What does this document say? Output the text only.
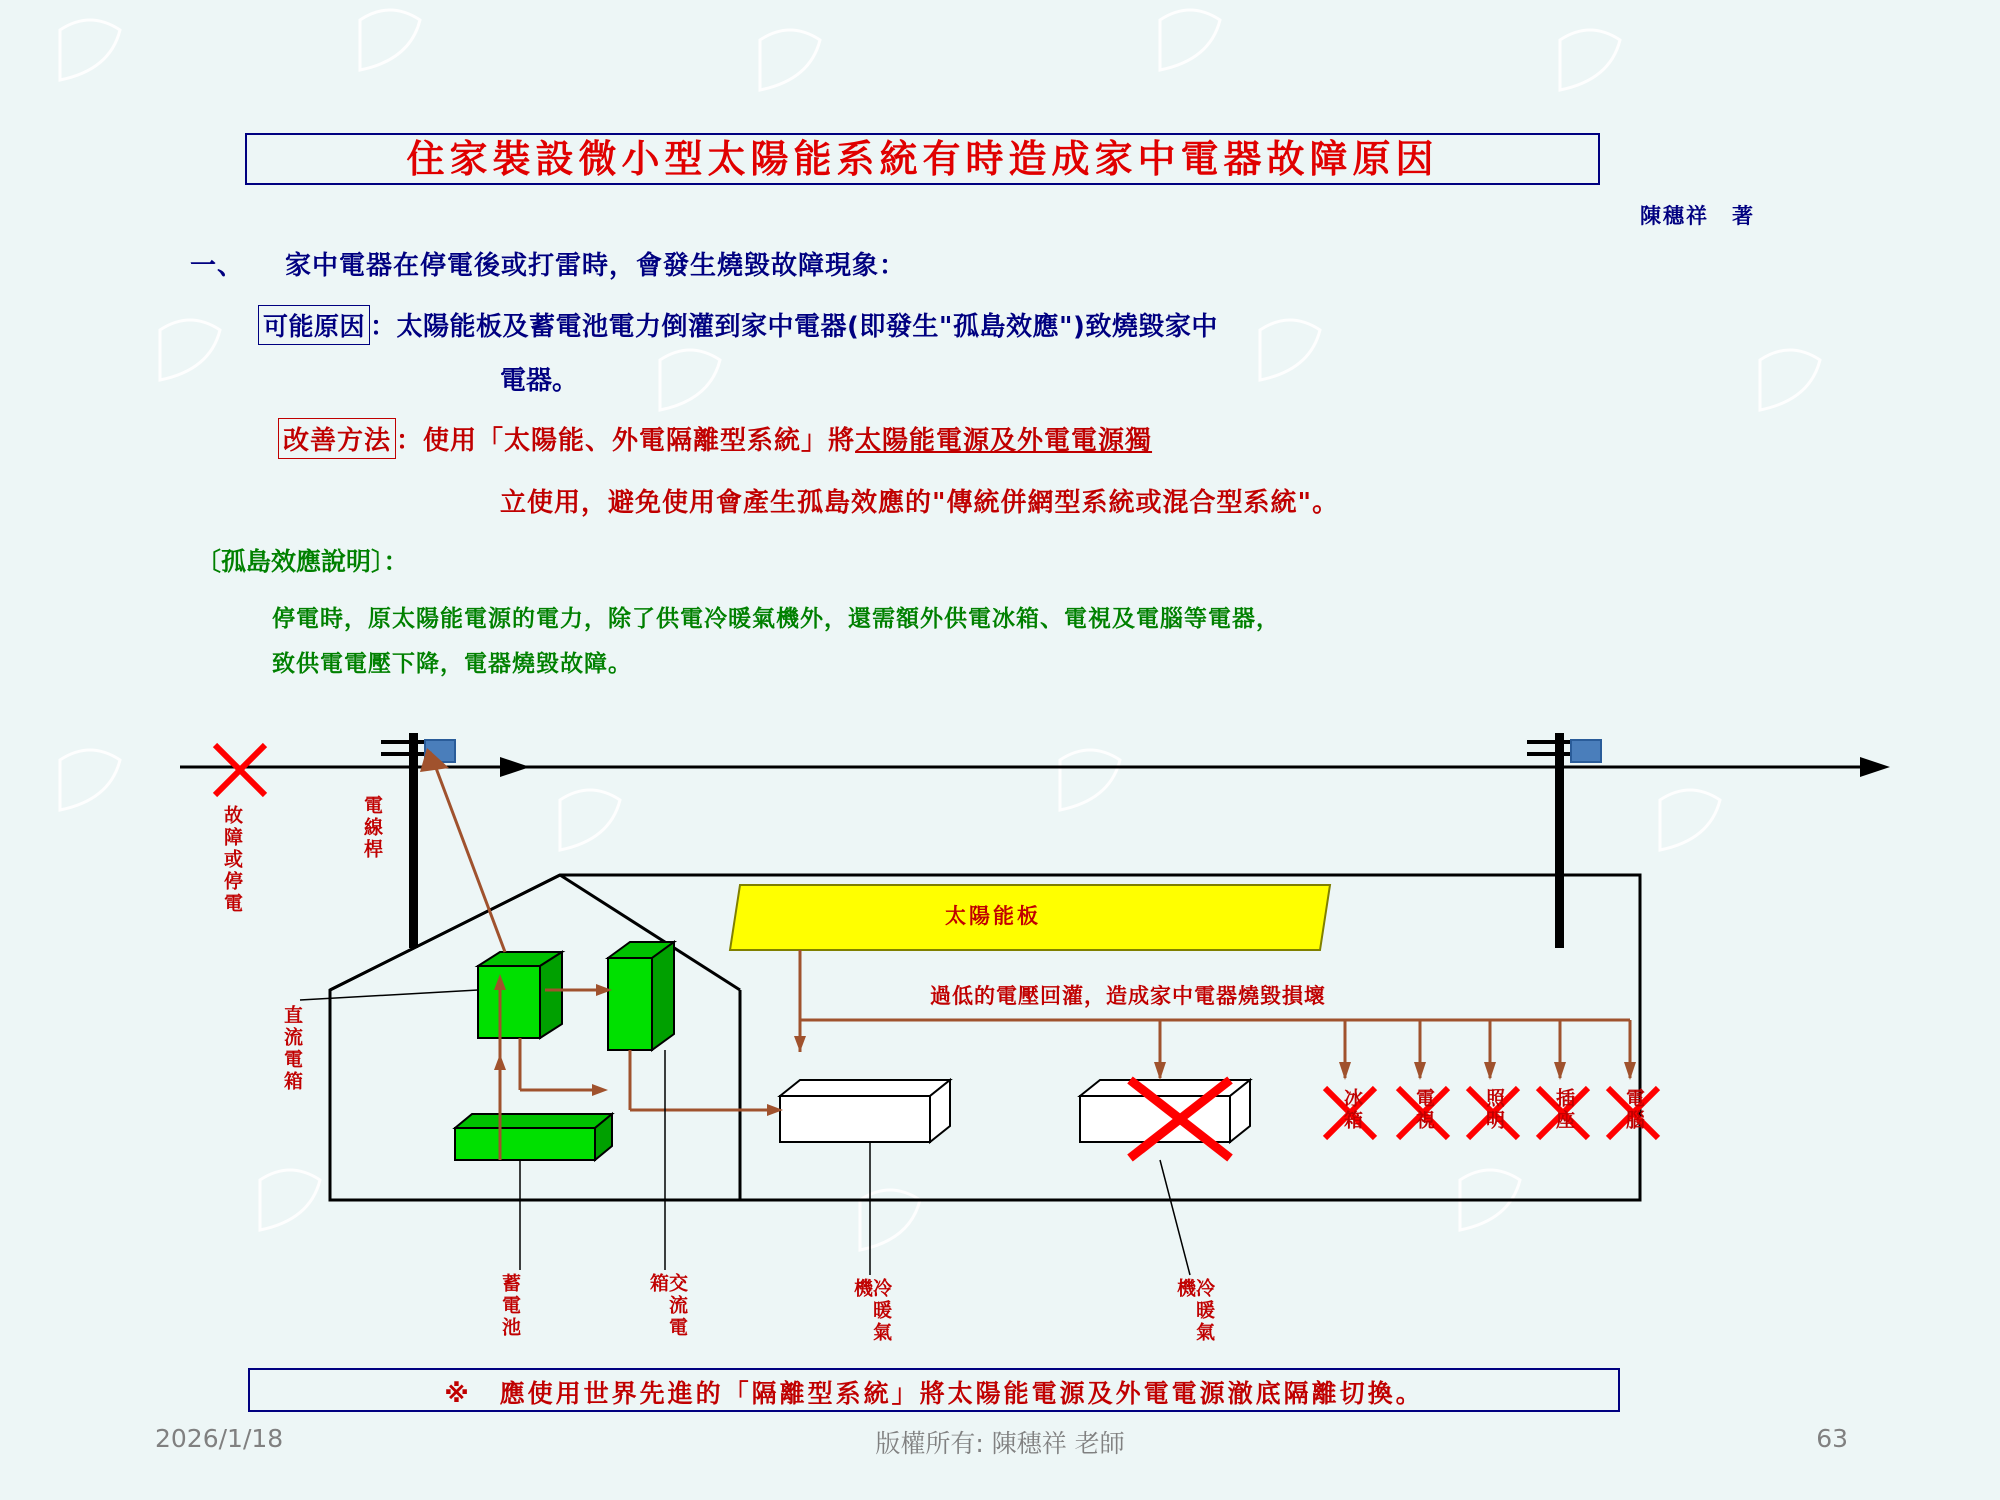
住家裝設微小型太陽能系統有時造成家中電器故障原因
陳穗祥　著
一、　　家中電器在停電後或打雷時，會發生燒毀故障現象：
可能原因 ：太陽能板及蓄電池電力倒灌到家中電器(即發生"孤島效應")致燒毀家中
電器。
改善方法 ：使用「太陽能、外電隔離型系統」將太陽能電源及外電電源獨
立使用，避免使用會產生孤島效應的"傳統併網型系統或混合型系統"。
〔孤島效應說明〕：
停電時，原太陽能電源的電力，除了供電冷暖氣機外，還需額外供電冰箱、電視及電腦等電器，
致供電電壓下降，電器燒毀故障。
故障或停電	電線桿
直流電箱
蓄電池	交流電箱	冷暖氣機	冷暖氣機
太陽能板
過低的電壓回灌，造成家中電器燒毀損壞
冰箱	電視	照明	插座	電腦
※　應使用世界先進的「隔離型系統」將太陽能電源及外電電源澈底隔離切換。
2026/1/18	版權所有: 陳穗祥 老師	63
